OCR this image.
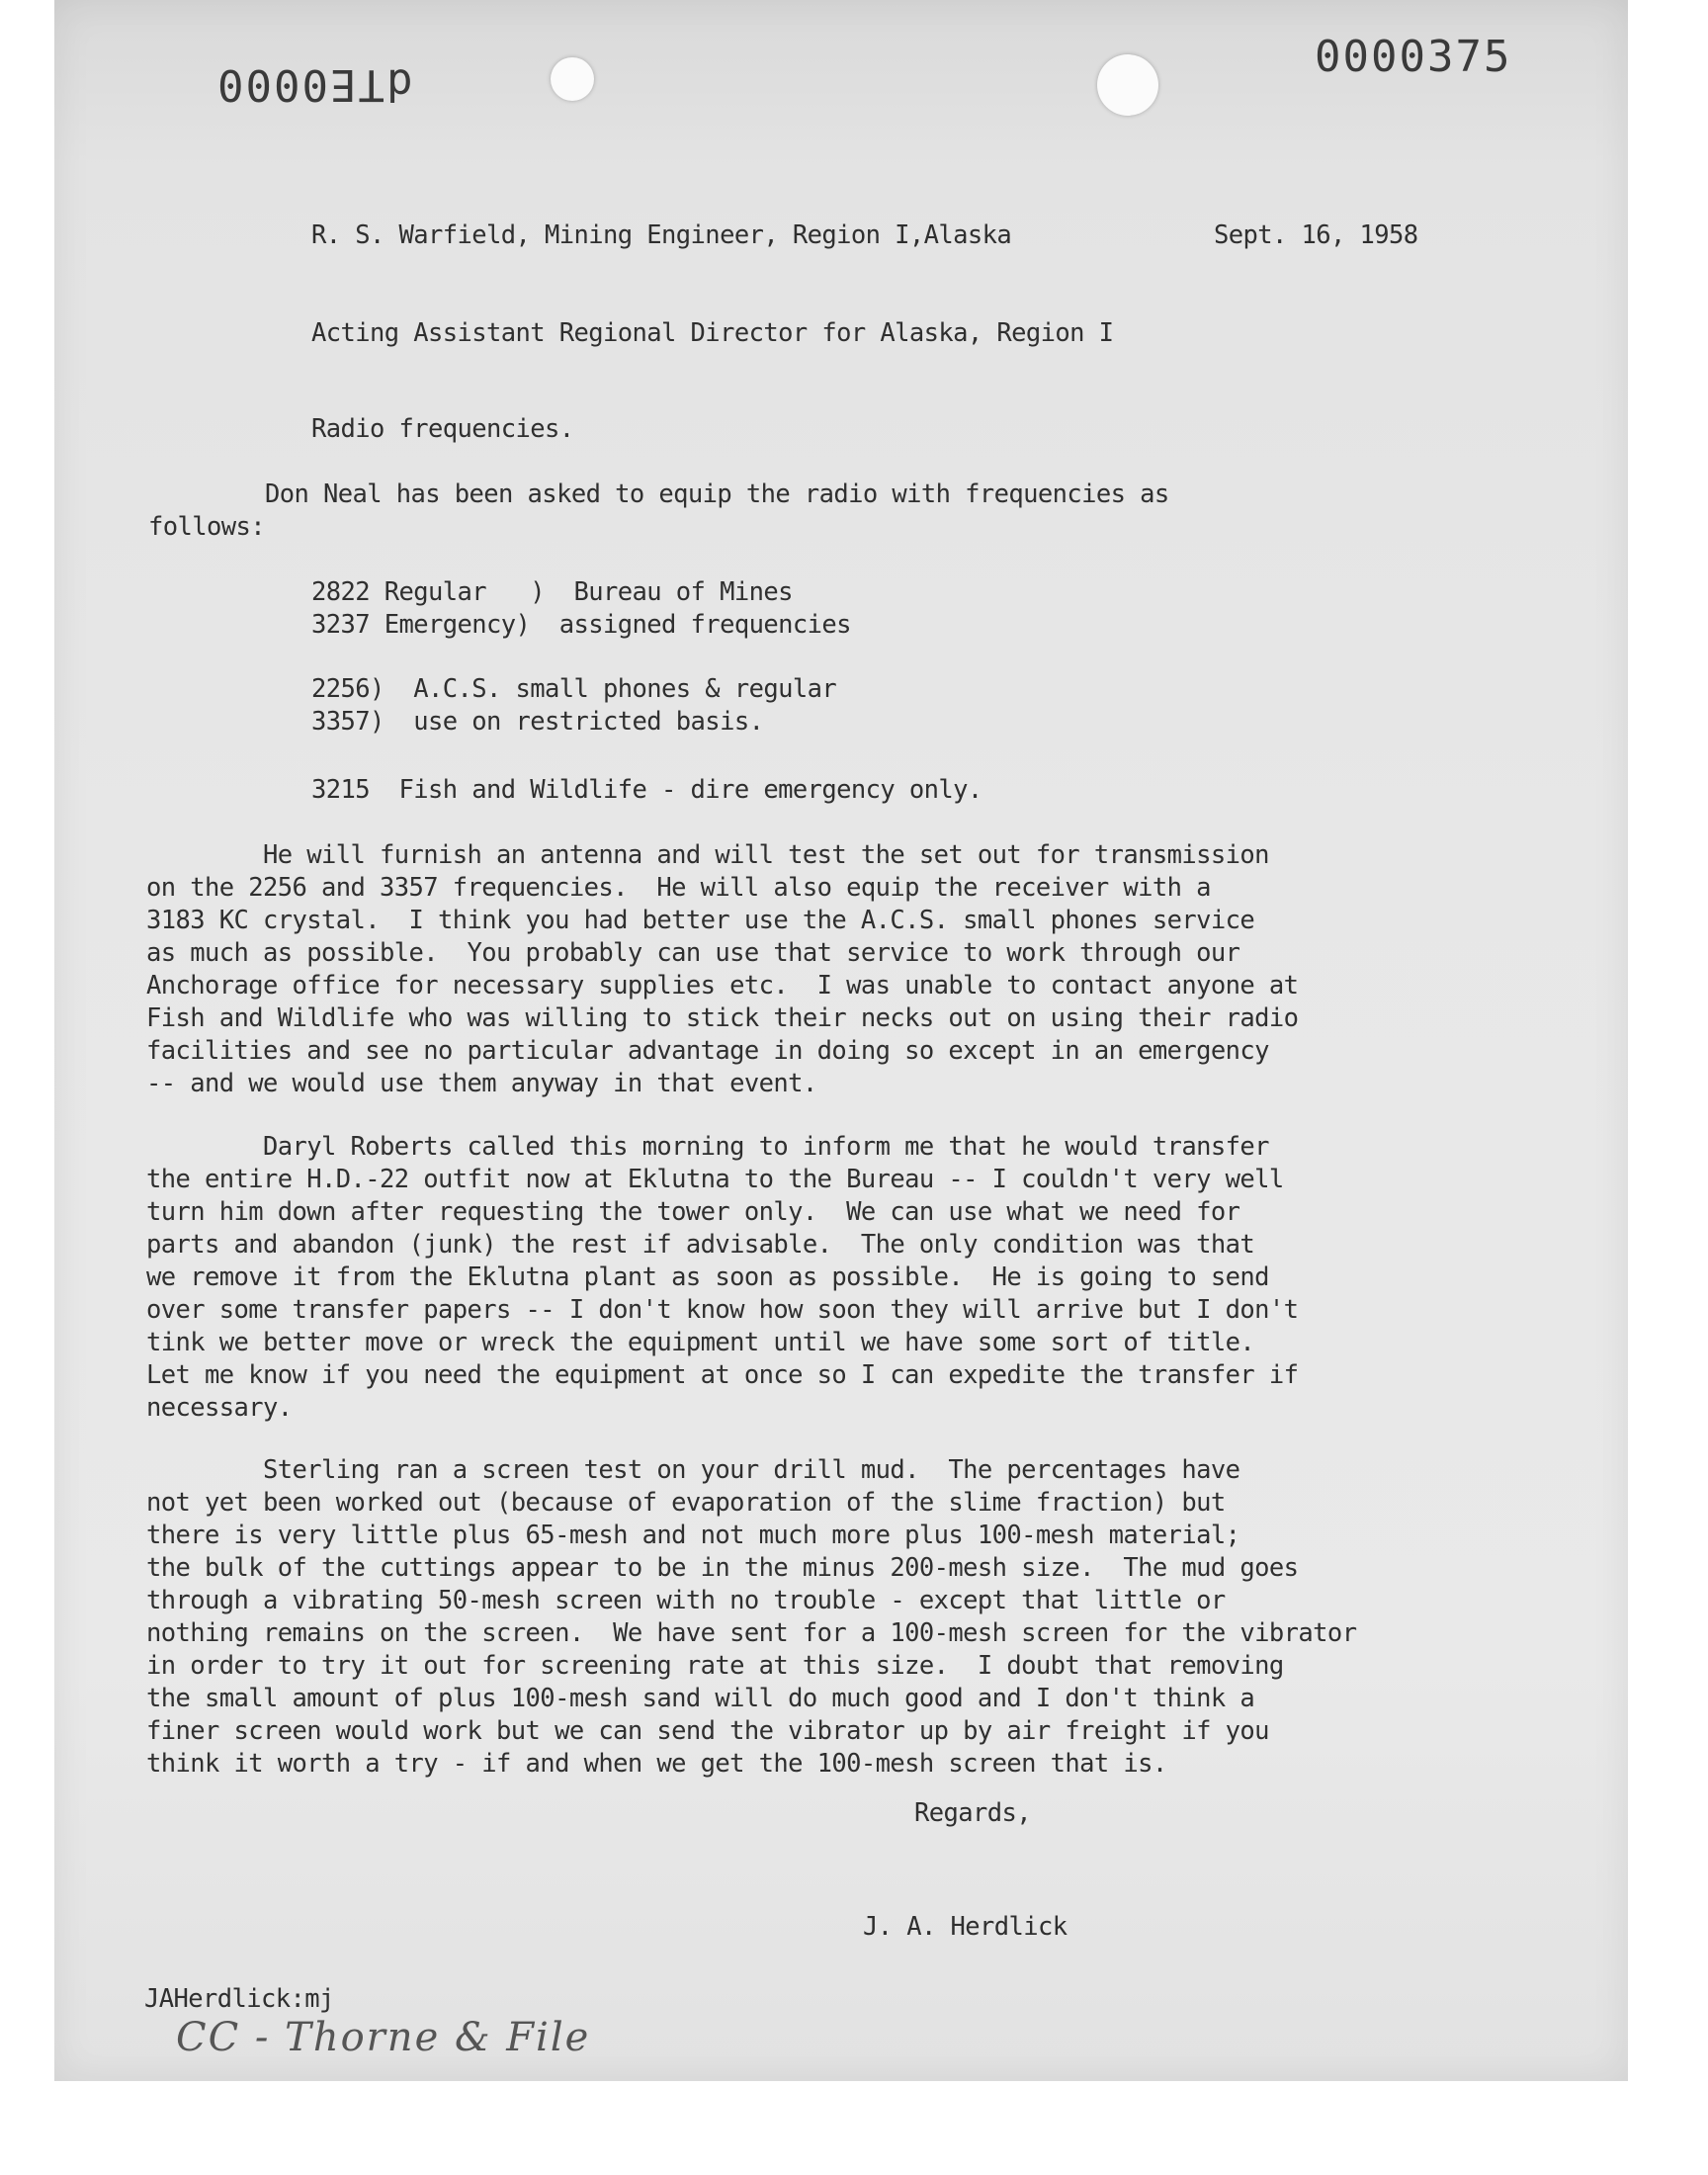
dTE0000
0000375
R. S. Warfield, Mining Engineer, Region I,Alaska	Sept. 16, 1958
Acting Assistant Regional Director for Alaska, Region I
Radio frequencies.
Don Neal has been asked to equip the radio with frequencies as
follows:
2822 Regular   )  Bureau of Mines
3237 Emergency)  assigned frequencies
2256)  A.C.S. small phones & regular
3357)  use on restricted basis.
3215  Fish and Wildlife - dire emergency only.
He will furnish an antenna and will test the set out for transmission
on the 2256 and 3357 frequencies.  He will also equip the receiver with a
3183 KC crystal.  I think you had better use the A.C.S. small phones service
as much as possible.  You probably can use that service to work through our
Anchorage office for necessary supplies etc.  I was unable to contact anyone at
Fish and Wildlife who was willing to stick their necks out on using their radio
facilities and see no particular advantage in doing so except in an emergency
-- and we would use them anyway in that event.
Daryl Roberts called this morning to inform me that he would transfer
the entire H.D.-22 outfit now at Eklutna to the Bureau -- I couldn't very well
turn him down after requesting the tower only.  We can use what we need for
parts and abandon (junk) the rest if advisable.  The only condition was that
we remove it from the Eklutna plant as soon as possible.  He is going to send
over some transfer papers -- I don't know how soon they will arrive but I don't
tink we better move or wreck the equipment until we have some sort of title.
Let me know if you need the equipment at once so I can expedite the transfer if
necessary.
Sterling ran a screen test on your drill mud.  The percentages have
not yet been worked out (because of evaporation of the slime fraction) but
there is very little plus 65-mesh and not much more plus 100-mesh material;
the bulk of the cuttings appear to be in the minus 200-mesh size.  The mud goes
through a vibrating 50-mesh screen with no trouble - except that little or
nothing remains on the screen.  We have sent for a 100-mesh screen for the vibrator
in order to try it out for screening rate at this size.  I doubt that removing
the small amount of plus 100-mesh sand will do much good and I don't think a
finer screen would work but we can send the vibrator up by air freight if you
think it worth a try - if and when we get the 100-mesh screen that is.
Regards,
J. A. Herdlick
JAHerdlick:mj
CC - Thorne & File
